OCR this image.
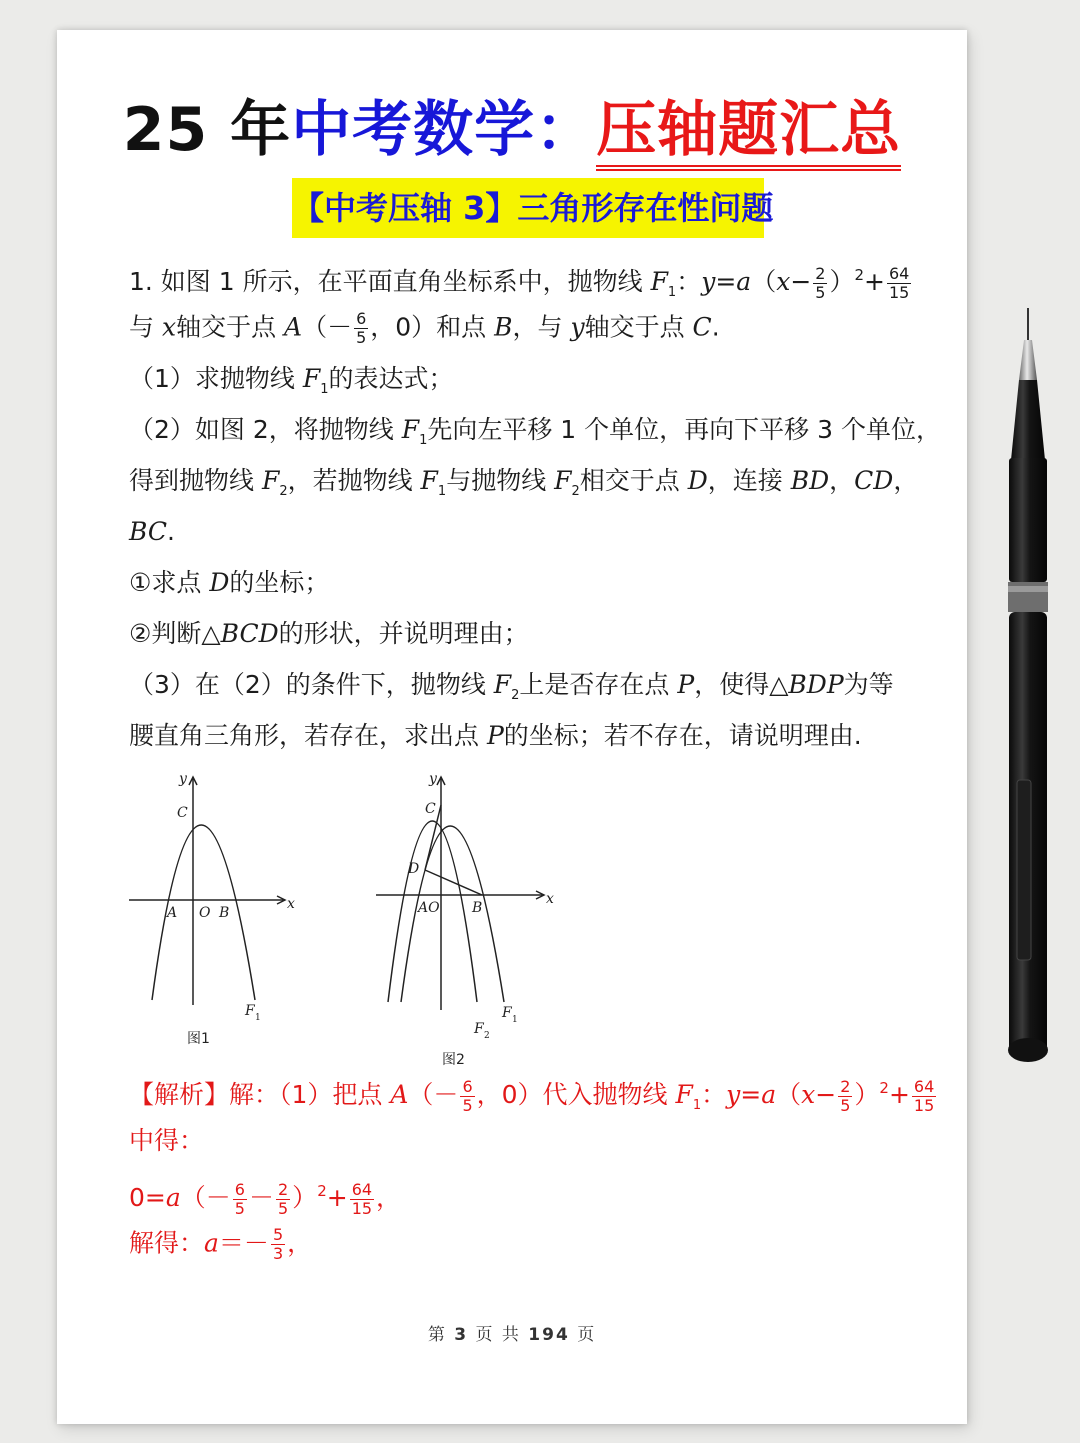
25 年中考数学：压轴题汇总
【中考压轴 3】三角形存在性问题
1. 如图 1 所示，在平面直角坐标系中，抛物线 $F_1$：$y=a(x- \frac{2}{5} )^2+ \frac{64}{15}$
与 x轴交于点 $A(- \frac{6}{5}$ ，0）和点 B，与 y轴交于点 C.
（1）求抛物线 $F_1$的表达式；
（2）如图 2，将抛物线 $F_1$先向左平移 1 个单位，再向下平移 3 个单位，
得到抛物线 $F_2$，若抛物线 $F_1$与抛物线 $F_2$相交于点 D，连接 BD，CD，
BC.
①求点 D的坐标；
②判断△BCD的形状，并说明理由；
（3）在（2）的条件下，抛物线 $F_2$上是否存在点 P，使得△BDP为等
腰直角三角形，若存在，求出点 P的坐标；若不存在，请说明理由.
y
x
C
A O B
F 1
图1
y
x
C
D
AO B
F 1
F 2
图2
【解析】解：（1）把点 $A(- \frac{6}{5}$ ，0）代入抛物线 $F_1$：$y=a(x- \frac{2}{5} )^2+ \frac{64}{15}$
中得：
$0=a(- \frac{6}{5} - \frac{2}{5} )^2+ \frac{64}{15}$ ，
解得：$a=- \frac{5}{3}$ ，
第 3 页 共 194 页
